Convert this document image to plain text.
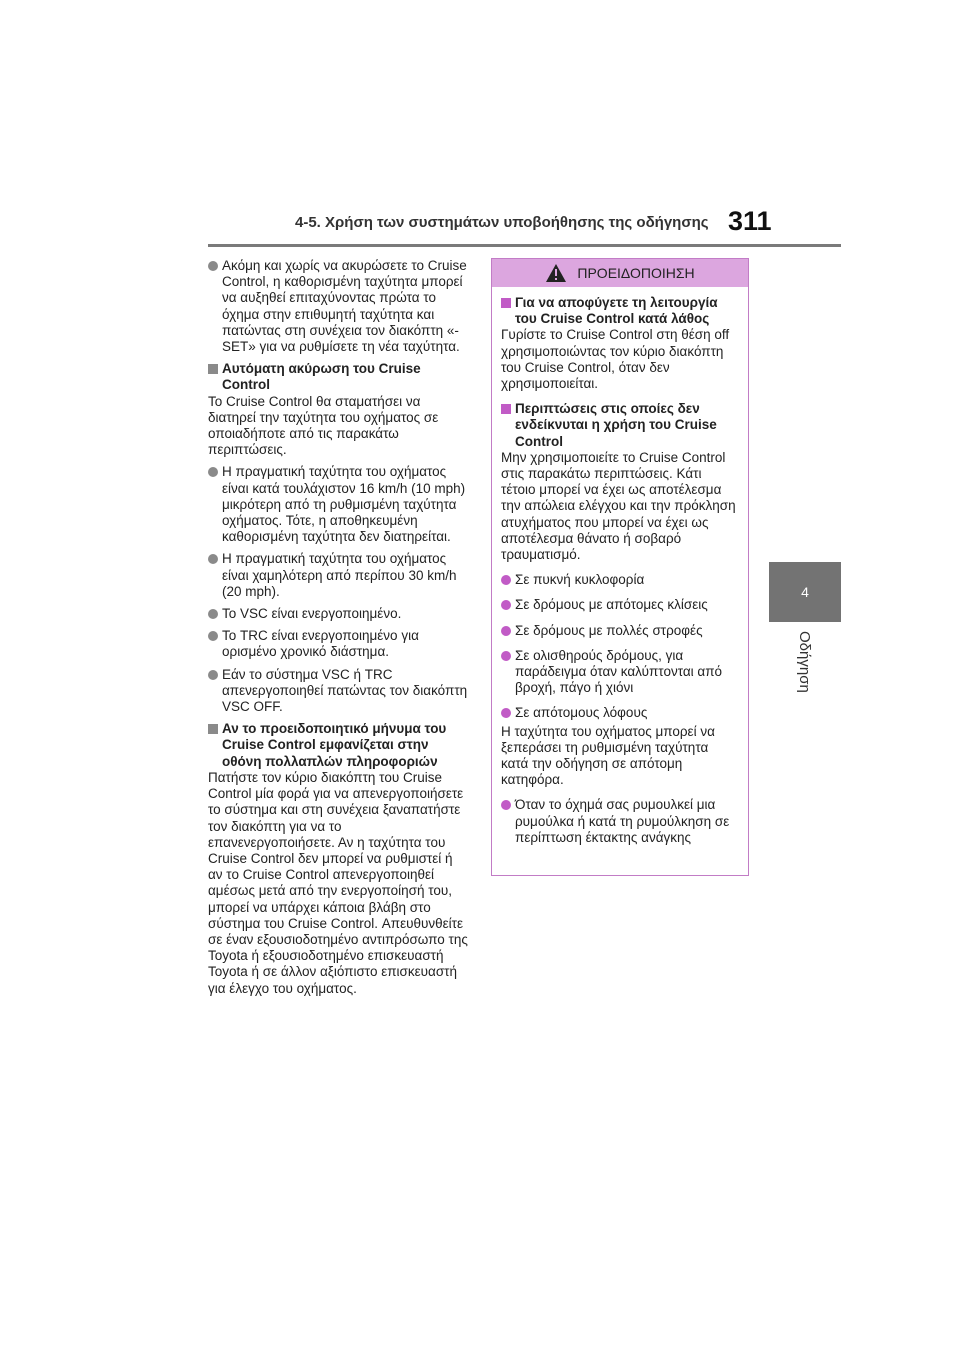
4-5. Χρήση των συστημάτων υποβοήθησης της οδήγησης 311
4
Οδήγηση
Ακόμη και χωρίς να ακυρώσετε το Cruise Control, η καθορισμένη ταχύτητα μπορεί να αυξηθεί επιταχύνοντας πρώτα το όχημα στην επιθυμητή ταχύτητα και πατώντας στη συνέχεια τον διακόπτη «-SET» για να ρυθμίσετε τη νέα ταχύτητα.
Αυτόματη ακύρωση του Cruise Control
Το Cruise Control θα σταματήσει να διατηρεί την ταχύτητα του οχήματος σε οποιαδήποτε από τις παρακάτω περιπτώσεις.
Η πραγματική ταχύτητα του οχήματος είναι κατά τουλάχιστον 16 km/h (10 mph) μικρότερη από τη ρυθμισμένη ταχύτητα οχήματος. Τότε, η αποθηκευμένη καθορισμένη ταχύτητα δεν διατηρείται.
Η πραγματική ταχύτητα του οχήματος είναι χαμηλότερη από περίπου 30 km/h (20 mph).
Το VSC είναι ενεργοποιημένο.
Το TRC είναι ενεργοποιημένο για ορισμένο χρονικό διάστημα.
Εάν το σύστημα VSC ή TRC απενεργοποιηθεί πατώντας τον διακόπτη VSC OFF.
Αν το προειδοποιητικό μήνυμα του Cruise Control εμφανίζεται στην οθόνη πολλαπλών πληροφοριών
Πατήστε τον κύριο διακόπτη του Cruise Control μία φορά για να απενεργοποιήσετε το σύστημα και στη συνέχεια ξαναπατήστε τον διακόπτη για να το επανενεργοποιήσετε. Αν η ταχύτητα του Cruise Control δεν μπορεί να ρυθμιστεί ή αν το Cruise Control απενεργοποιηθεί αμέσως μετά από την ενεργοποίησή του, μπορεί να υπάρχει κάποια βλάβη στο σύστημα του Cruise Control. Απευθυνθείτε σε έναν εξουσιοδοτημένο αντιπρόσωπο της Toyota ή εξουσιοδοτημένο επισκευαστή Toyota ή σε άλλον αξιόπιστο επισκευαστή για έλεγχο του οχήματος.
ΠΡΟΕΙΔΟΠΟΙΗΣΗ
Για να αποφύγετε τη λειτουργία του Cruise Control κατά λάθος
Γυρίστε το Cruise Control στη θέση off χρησιμοποιώντας τον κύριο διακόπτη του Cruise Control, όταν δεν χρησιμοποιείται.
Περιπτώσεις στις οποίες δεν ενδείκνυται η χρήση του Cruise Control
Μην χρησιμοποιείτε το Cruise Control στις παρακάτω περιπτώσεις. Κάτι τέτοιο μπορεί να έχει ως αποτέλεσμα την απώλεια ελέγχου και την πρόκληση ατυχήματος που μπορεί να έχει ως αποτέλεσμα θάνατο ή σοβαρό τραυματισμό.
Σε πυκνή κυκλοφορία
Σε δρόμους με απότομες κλίσεις
Σε δρόμους με πολλές στροφές
Σε ολισθηρούς δρόμους, για παράδειγμα όταν καλύπτονται από βροχή, πάγο ή χιόνι
Σε απότομους λόφους
Η ταχύτητα του οχήματος μπορεί να ξεπεράσει τη ρυθμισμένη ταχύτητα κατά την οδήγηση σε απότομη κατηφόρα.
Όταν το όχημά σας ρυμουλκεί μια ρυμούλκα ή κατά τη ρυμούλκηση σε περίπτωση έκτακτης ανάγκης
